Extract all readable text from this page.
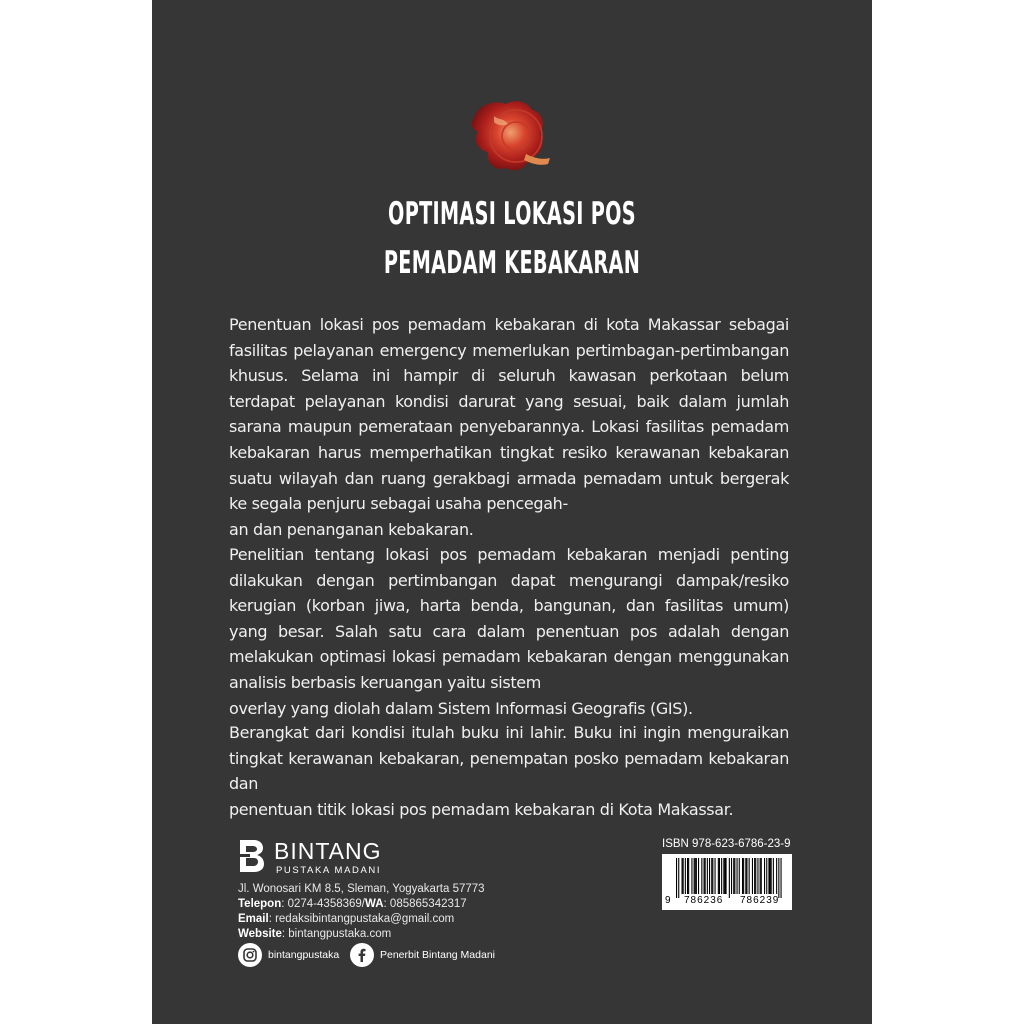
OPTIMASI LOKASI POS
PEMADAM KEBAKARAN

Penentuan lokasi pos pemadam kebakaran di kota Makassar sebagai fasilitas pelayanan emergency memerlukan pertimbagan-pertimbangan khusus. Selama ini hampir di seluruh kawasan perkotaan belum terdapat pelayanan kondisi darurat yang sesuai, baik dalam jumlah sarana maupun pemerataan penyebarannya. Lokasi fasilitas pemadam kebakaran harus memperhatikan tingkat resiko kerawanan kebakaran suatu wilayah dan ruang gerakbagi armada pemadam untuk bergerak ke segala penjuru sebagai usaha pencegah-
an dan penanganan kebakaran.

Penelitian tentang lokasi pos pemadam kebakaran menjadi penting dilakukan dengan pertimbangan dapat mengurangi dampak/resiko kerugian (korban jiwa, harta benda, bangunan, dan fasilitas umum) yang besar. Salah satu cara dalam penentuan pos adalah dengan melakukan optimasi lokasi pemadam kebakaran dengan menggunakan analisis berbasis keruangan yaitu sistem
overlay yang diolah dalam Sistem Informasi Geografis (GIS).

Berangkat dari kondisi itulah buku ini lahir. Buku ini ingin menguraikan tingkat kerawanan kebakaran, penempatan posko pemadam kebakaran dan
penentuan titik lokasi pos pemadam kebakaran di Kota Makassar.

BINTANG
PUSTAKA MADANI
Jl. Wonosari KM 8.5, Sleman, Yogyakarta 57773
Telepon: 0274-4358369/WA: 085865342317
Email: redaksibintangpustaka@gmail.com
Website: bintangpustaka.com
bintangpustaka	Penerbit Bintang Madani
ISBN 978-623-6786-23-9
9 786236 786239
